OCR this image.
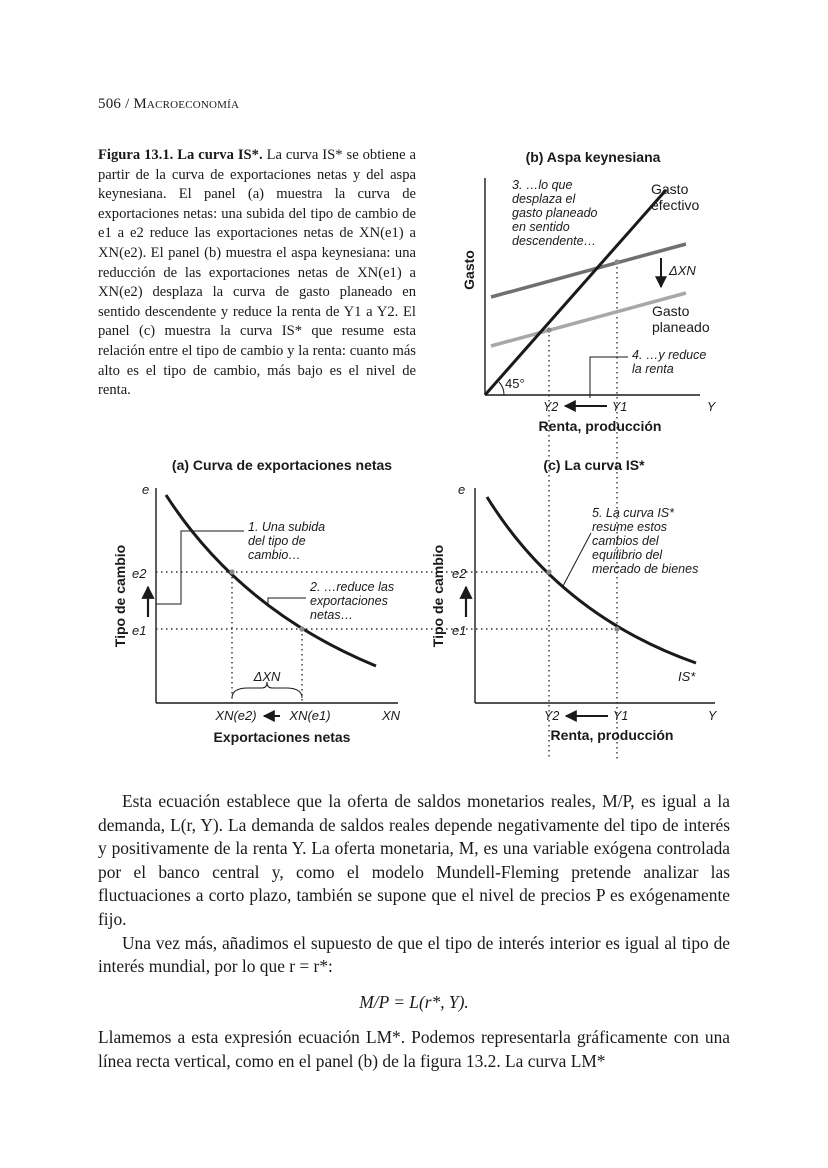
506 / Macroeconomía
Figura 13.1. La curva IS*. La curva IS* se obtiene a partir de la curva de exportaciones netas y del aspa keynesiana. El panel (a) muestra la curva de exportaciones netas: una subida del tipo de cambio de e1 a e2 reduce las exportaciones netas de XN(e1) a XN(e2). El panel (b) muestra el aspa keynesiana: una reducción de las exportaciones netas de XN(e1) a XN(e2) desplaza la curva de gasto planeado en sentido descendente y reduce la renta de Y1 a Y2. El panel (c) muestra la curva IS* que resume esta relación entre el tipo de cambio y la renta: cuanto más alto es el tipo de cambio, más bajo es el nivel de renta.
(b) Aspa keynesiana
Gasto
45°
Gasto
efectivo
Gasto
planeado
ΔXN
3. …lo que
desplaza el
gasto planeado
en sentido
descendente…
4. …y reduce
la renta
Y2	Y1	Y
Renta, producción
(a) Curva de exportaciones netas
Tipo de cambio
e
e2
e1
1. Una subida
del tipo de
cambio…
2. …reduce las
exportaciones
netas…
ΔXN
XN(e2)	XN(e1)	XN
Exportaciones netas
(c) La curva IS*
Tipo de cambio
e
e2
e1
5. La curva IS*
resume estos
cambios del
equilibrio del
mercado de bienes
IS*
Y2	Y1	Y
Renta, producción

Esta ecuación establece que la oferta de saldos monetarios reales, M/P, es igual a la demanda, L(r, Y). La demanda de saldos reales depende negativamente del tipo de interés y positivamente de la renta Y. La oferta monetaria, M, es una variable exógena controlada por el banco central y, como el modelo Mundell-Fleming pretende analizar las fluctuaciones a corto plazo, también se supone que el nivel de precios P es exógenamente fijo.

Una vez más, añadimos el supuesto de que el tipo de interés interior es igual al tipo de interés mundial, por lo que r = r*:

M/P = L(r*, Y).

Llamemos a esta expresión ecuación LM*. Podemos representarla gráficamente con una línea recta vertical, como en el panel (b) de la figura 13.2. La curva LM*
